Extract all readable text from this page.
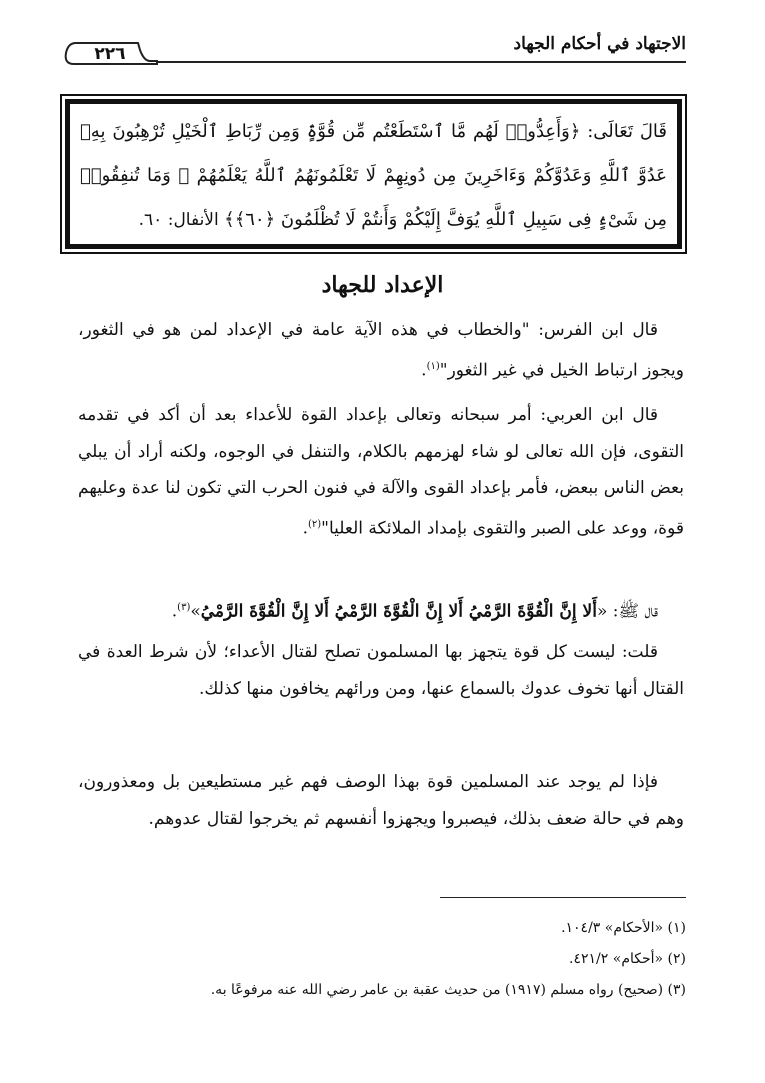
الاجتهاد في أحكام الجهاد
٢٢٦
قَالَ تَعَالَى: ﴿وَأَعِدُّوا۟ لَهُم مَّا ٱسْتَطَعْتُم مِّن قُوَّةٍۢ وَمِن رِّبَاطِ ٱلْخَيْلِ تُرْهِبُونَ بِهِۦ عَدُوَّ ٱللَّهِ وَعَدُوَّكُمْ وَءَاخَرِينَ مِن دُونِهِمْ لَا تَعْلَمُونَهُمُ ٱللَّهُ يَعْلَمُهُمْ ۚ وَمَا تُنفِقُوا۟ مِن شَىْءٍۢ فِى سَبِيلِ ٱللَّهِ يُوَفَّ إِلَيْكُمْ وَأَنتُمْ لَا تُظْلَمُونَ ﴿٦٠﴾﴾ الأنفال: ٦٠.
الإعداد للجهاد

قال ابن الفرس: "والخطاب في هذه الآية عامة في الإعداد لمن هو في الثغور، ويجوز ارتباط الخيل في غير الثغور"$^{(١)}$.

قال ابن العربي: أمر سبحانه وتعالى بإعداد القوة للأعداء بعد أن أكد في تقدمه التقوى، فإن الله تعالى لو شاء لهزمهم بالكلام، والتنفل في الوجوه، ولكنه أراد أن يبلي بعض الناس ببعض، فأمر بإعداد القوى والآلة في فنون الحرب التي تكون لنا عدة وعليهم قوة، ووعد على الصبر والتقوى بإمداد الملائكة العليا"$^{(٢)}$.

قال ﷺ: «أَلا إِنَّ الْقُوَّةَ الرَّمْيُ أَلا إِنَّ الْقُوَّةَ الرَّمْيُ أَلا إِنَّ الْقُوَّةَ الرَّمْيُ»$^{(٣)}$.

قلت: ليست كل قوة يتجهز بها المسلمون تصلح لقتال الأعداء؛ لأن شرط العدة في القتال أنها تخوف عدوك بالسماع عنها، ومن ورائهم يخافون منها كذلك.

فإذا لم يوجد عند المسلمين قوة بهذا الوصف فهم غير مستطيعين بل ومعذورون، وهم في حالة ضعف بذلك، فيصبروا ويجهزوا أنفسهم ثم يخرجوا لقتال عدوهم.

(١) «الأحكام» ١٠٤/٣.

(٢) «أحكام» ٤٢١/٢.

(٣) (صحيح) رواه مسلم (١٩١٧) من حديث عقبة بن عامر رضي الله عنه مرفوعًا به.
